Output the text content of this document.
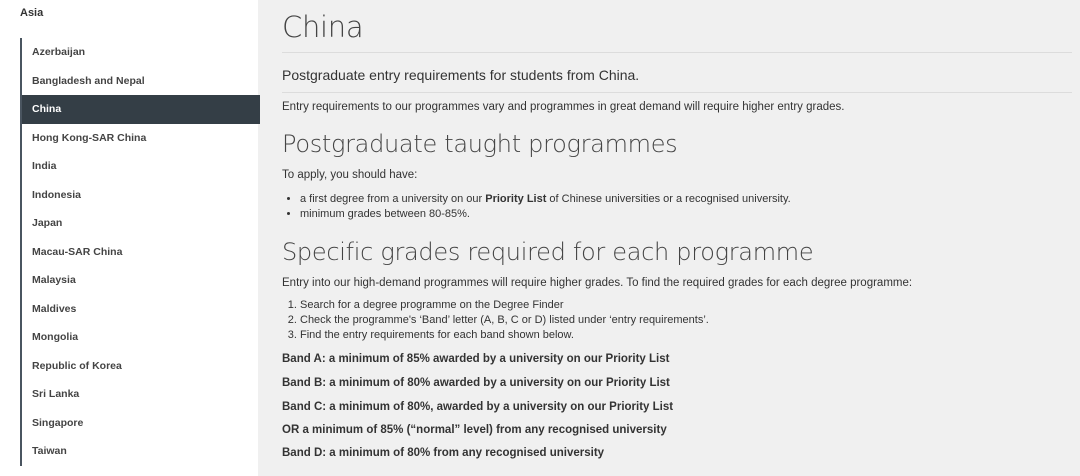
Asia
Azerbaijan
Bangladesh and Nepal
China
Hong Kong-SAR China
India
Indonesia
Japan
Macau-SAR China
Malaysia
Maldives
Mongolia
Republic of Korea
Sri Lanka
Singapore
Taiwan
China

Postgraduate entry requirements for students from China.

Entry requirements to our programmes vary and programmes in great demand will require higher entry grades.

Postgraduate taught programmes

To apply, you should have:

• a first degree from a university on our Priority List of Chinese universities or a recognised university.
• minimum grades between 80-85%.
Specific grades required for each programme

Entry into our high-demand programmes will require higher grades. To find the required grades for each degree programme:

1. Search for a degree programme on the Degree Finder
2. Check the programme's ‘Band’ letter (A, B, C or D) listed under ‘entry requirements’.
3. Find the entry requirements for each band shown below.

Band A: a minimum of 85% awarded by a university on our Priority List

Band B: a minimum of 80% awarded by a university on our Priority List

Band C: a minimum of 80%, awarded by a university on our Priority List

OR a minimum of 85% (“normal” level) from any recognised university

Band D: a minimum of 80% from any recognised university
